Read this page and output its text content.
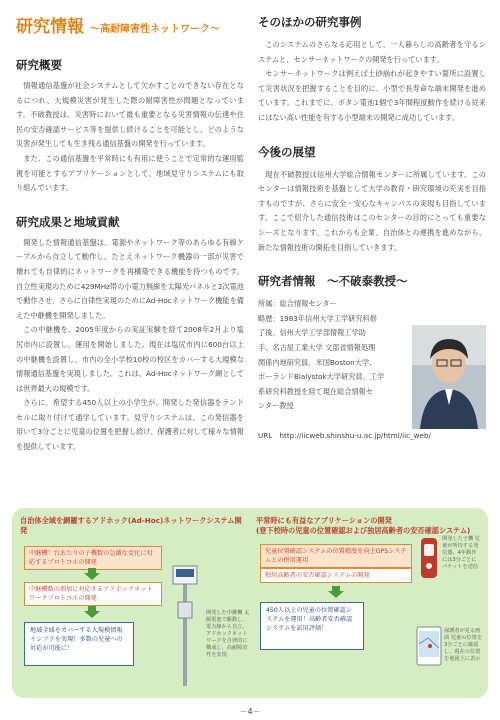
研究情報 ～高耐障害性ネットワーク～
研究概要

情報通信基盤が社会システムとして欠かすことのできない存在となるにつれ、大規模災害が発生した際の耐障害性が問題となっています。不破教授は、災害時において最も重要となる災害情報の伝達や住民の安否確認サービス等を提供し続けることを可能とし、どのような災害が発生しても生き残る通信基盤の開発を行っています。

また、この通信基盤を平常時にも有用に使うことで定常的な運用監視を可能とするアプリケーションとして、地域見守りシステムにも取り組んでいます。

研究成果と地域貢献

開発した情報通信基盤は、電源やネットワーク等のあらゆる有線ケーブルから自立して動作し、たとえネットワーク機器の一部が災害で壊れても自律的にネットワークを再構築できる機能を持つものです。自立性実現のために429MHz帯の小電力無線を太陽光パネルと2次電池で動作させ、さらに自律性実現のためにAd-Hocネットワーク機能を備えた中継機を開発しました。

この中継機を、2005年度からの実証実験を経て2008年2月より塩尻市内に設置し、運用を開始しました。現在は塩尻市内に600台以上の中継機を設置し、市内の全小学校10校の校区をカバーする大規模な情報通信基盤を実現しました。これは、Ad-Hocネットワーク網としては世界最大の規模です。

さらに、希望する450人以上の小学生が、開発した発信器をランドセルに取り付けて通学しています。見守りシステムは、この発信器を用いて3分ごとに児童の位置を把握し続け、保護者に対して様々な情報を提供しています。

そのほかの研究事例

このシステムのさらなる応用として、一人暮らしの高齢者を守るシステムと、センサーネットワークの開発を行っています。

センサーネットワークは例えば土砂崩れが起きやすい箇所に設置して災害状況を把握することを目的に、小型で長寿命な端末開発を進めています。これまでに、ボタン電池1個で3年間程度動作を続ける従来にはない高い性能を有する小型端末の開発に成功しています。

今後の展望

現在不破教授は信州大学総合情報センターに所属しています。このセンターは情報技術を基盤として大学の教育・研究環境の充実を目指すものですが、さらに安全・安心なキャンパスの実現も目指しています。ここで紹介した通信技術はこのセンターの目的にとっても重要なシーズとなります。これからも企業、自治体との連携を進めながら、新たな情報技術の開拓を目指していきます。

研究者情報　～不破泰教授～
所属：総合情報センター
略歴：1983年信州大学工学研究科修
了後、信州大学工学部情報工学助
手、名古屋工業大学 文部省情報処理
関係内地研究員、米国Boston大学、
ポーランドBialystok大学研究員、工学
系研究科教授を経て現在総合情報セ
ンター教授
URL　http://iicweb.shinshu-u.ac.jp/html/iic_web/
自治体全域を網羅するアドホック(Ad-Hoc)ネットワークシステム開発
中継機！台あたりの子機数の急激な変化に対応するプロトコルの開発
中継機数の増加に対応するアドホックネットワークプロトコルの開発
地域全域をカバーする大規模情報インフラを実現！多数の児童への対応が可能に！
開発した中継機 太陽電池で駆動し、電力線から自立。アドホックネットワークを自律的に構成し、高耐障害性を実現
平常時にも有益なアプリケーションの開発
(登下校時の児童の位置確認および独居高齢者の安否確認システム)
児童位置確認システムの位置精度を向上GPSシステムとの併用運用
独居高齢者の安否確認システムの開発
450人以上の児童の位置確認システムを運用！高齢者安否確認システムを試用評価！
開発した子機 児童が所持する発信器。4年動作には3分ごとにパケットを送信
保護者が見る画面 児童の位置を3分ごとに確認し、現在の位置を地図上に表示
－4－
